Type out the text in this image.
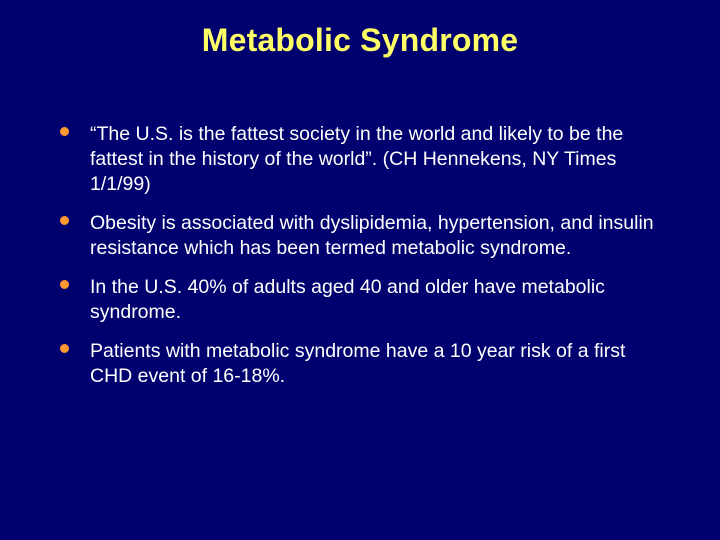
Metabolic Syndrome
“The U.S. is the fattest society in the world and likely to be the fattest in the history of the world”. (CH Hennekens, NY Times 1/1/99)
Obesity is associated with dyslipidemia, hypertension, and insulin resistance which has been termed metabolic syndrome.
In the U.S. 40% of adults aged 40 and older have metabolic syndrome.
Patients with metabolic syndrome have a 10 year risk of a first CHD event of 16-18%.
